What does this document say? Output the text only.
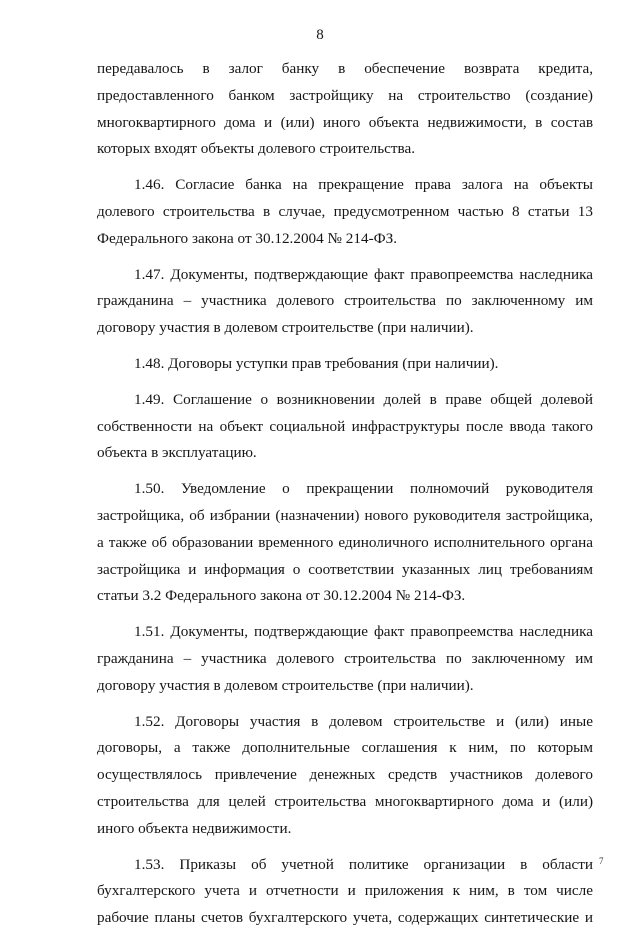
8

передавалось в залог банку в обеспечение возврата кредита, предоставленного банком застройщику на строительство (создание) многоквартирного дома и (или) иного объекта недвижимости, в состав которых входят объекты долевого строительства.

1.46. Согласие банка на прекращение права залога на объекты долевого строительства в случае, предусмотренном частью 8 статьи 13 Федерального закона от 30.12.2004 № 214-ФЗ.

1.47. Документы, подтверждающие факт правопреемства наследника гражданина – участника долевого строительства по заключенному им договору участия в долевом строительстве (при наличии).

1.48. Договоры уступки прав требования (при наличии).

1.49. Соглашение о возникновении долей в праве общей долевой собственности на объект социальной инфраструктуры после ввода такого объекта в эксплуатацию.

1.50. Уведомление о прекращении полномочий руководителя застройщика, об избрании (назначении) нового руководителя застройщика, а также об образовании временного единоличного исполнительного органа застройщика и информация о соответствии указанных лиц требованиям статьи 3.2 Федерального закона от 30.12.2004 № 214-ФЗ.

1.51. Документы, подтверждающие факт правопреемства наследника гражданина – участника долевого строительства по заключенному им договору участия в долевом строительстве (при наличии).

1.52. Договоры участия в долевом строительстве и (или) иные договоры, а также дополнительные соглашения к ним, по которым осуществлялось привлечение денежных средств участников долевого строительства для целей строительства многоквартирного дома и (или) иного объекта недвижимости.

1.53. Приказы об учетной политике организации в области бухгалтерского учета и отчетности и приложения к ним, в том числе рабочие планы счетов бухгалтерского учета, содержащих синтетические и

7
